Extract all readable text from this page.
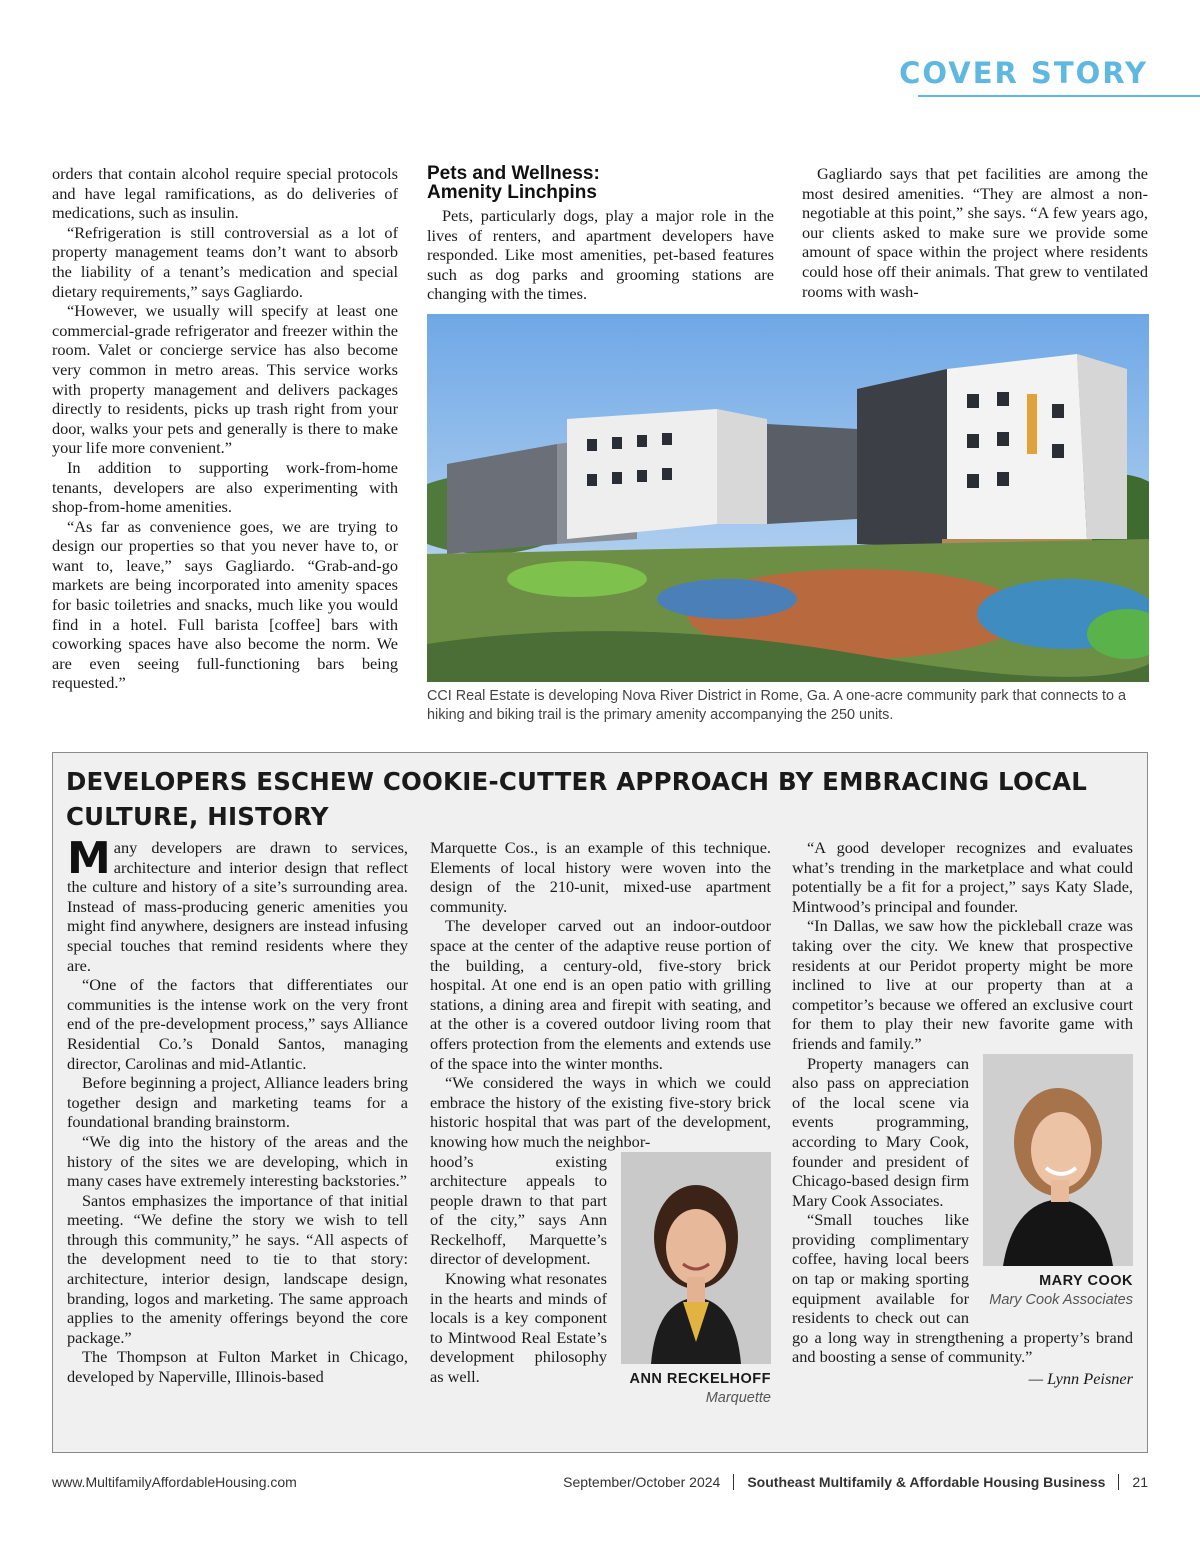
COVER STORY

orders that contain alcohol require special protocols and have legal ramifications, as do deliveries of medications, such as insulin.

“Refrigeration is still controversial as a lot of property management teams don’t want to absorb the liability of a tenant’s medication and special dietary requirements,” says Gagliardo.

“However, we usually will specify at least one commercial-grade refrigerator and freezer within the room. Valet or concierge service has also become very common in metro areas. This service works with property management and delivers packages directly to residents, picks up trash right from your door, walks your pets and generally is there to make your life more convenient.”

In addition to supporting work-from-home tenants, developers are also experimenting with shop-from-home amenities.

“As far as convenience goes, we are trying to design our properties so that you never have to, or want to, leave,” says Gagliardo. “Grab-and-go markets are being incorporated into amenity spaces for basic toiletries and snacks, much like you would find in a hotel. Full barista [coffee] bars with coworking spaces have also become the norm. We are even seeing full-functioning bars being requested.”

Pets and Wellness:
Amenity Linchpins

Pets, particularly dogs, play a major role in the lives of renters, and apartment developers have responded. Like most amenities, pet-based features such as dog parks and grooming stations are changing with the times.

Gagliardo says that pet facilities are among the most desired amenities. “They are almost a non-negotiable at this point,” she says. “A few years ago, our clients asked to make sure we provide some amount of space within the project where residents could hose off their animals. That grew to ventilated rooms with wash-

CCI Real Estate is developing Nova River District in Rome, Ga. A one-acre community park that connects to a hiking and biking trail is the primary amenity accompanying the 250 units.
DEVELOPERS ESCHEW COOKIE-CUTTER APPROACH BY EMBRACING LOCAL CULTURE, HISTORY

Many developers are drawn to services, architecture and interior design that reflect the culture and history of a site’s surrounding area. Instead of mass-producing generic amenities you might find anywhere, designers are instead infusing special touches that remind residents where they are.

“One of the factors that differentiates our communities is the intense work on the very front end of the pre-development process,” says Alliance Residential Co.’s Donald Santos, managing director, Carolinas and mid-Atlantic.

Before beginning a project, Alliance leaders bring together design and marketing teams for a foundational branding brainstorm.

“We dig into the history of the areas and the history of the sites we are developing, which in many cases have extremely interesting backstories.”

Santos emphasizes the importance of that initial meeting. “We define the story we wish to tell through this community,” he says. “All aspects of the development need to tie to that story: architecture, interior design, landscape design, branding, logos and marketing. The same approach applies to the amenity offerings beyond the core package.”

The Thompson at Fulton Market in Chicago, developed by Naperville, Illinois-based

Marquette Cos., is an example of this technique. Elements of local history were woven into the design of the 210-unit, mixed-use apartment community.

The developer carved out an indoor-outdoor space at the center of the adaptive reuse portion of the building, a century-old, five-story brick hospital. At one end is an open patio with grilling stations, a dining area and firepit with seating, and at the other is a covered outdoor living room that offers protection from the elements and extends use of the space into the winter months.

“We considered the ways in which we could embrace the history of the existing five-story brick historic hospital that was part of the development, knowing how much the neighbor-

ANN RECKELHOFF
Marquette

hood’s existing architecture appeals to people drawn to that part of the city,” says Ann Reckelhoff, Marquette’s director of development.

Knowing what resonates in the hearts and minds of locals is a key component to Mintwood Real Estate’s development philosophy as well.

“A good developer recognizes and evaluates what’s trending in the marketplace and what could potentially be a fit for a project,” says Katy Slade, Mintwood’s principal and founder.

“In Dallas, we saw how the pickleball craze was taking over the city. We knew that prospective residents at our Peridot property might be more inclined to live at our property than at a competitor’s because we offered an exclusive court for them to play their new favorite game with friends and family.”

MARY COOK
Mary Cook Associates

Property managers can also pass on appreciation of the local scene via events programming, according to Mary Cook, founder and president of Chicago-based design firm Mary Cook Associates.

“Small touches like providing complimentary coffee, having local beers on tap or making sporting equipment available for residents to check out can go a long way in strengthening a property’s brand and boosting a sense of community.”

— Lynn Peisner
www.MultifamilyAffordableHousing.com	September/October 2024 Southeast Multifamily & Affordable Housing Business 21
